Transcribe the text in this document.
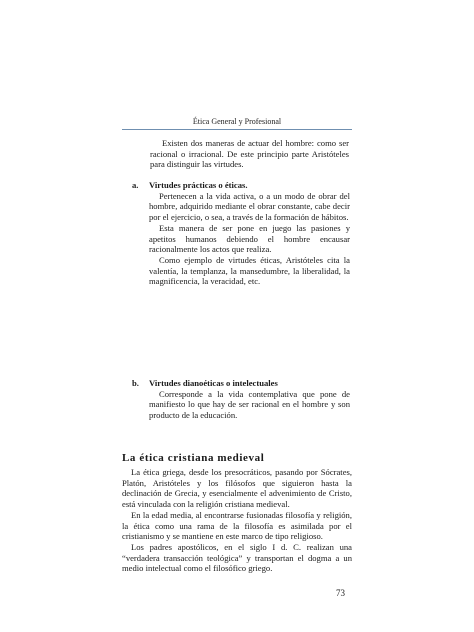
Ética General y Profesional
Existen dos maneras de actuar del hombre: como ser racional o irracional. De este principio parte Aristóteles para distinguir las virtudes.
a. Virtudes prácticas o éticas.
Pertenecen a la vida activa, o a un modo de obrar del hombre, adquirido mediante el obrar constante, cabe decir por el ejercicio, o sea, a través de la formación de hábitos.
Esta manera de ser pone en juego las pasiones y apetitos humanos debiendo el hombre encausar racionalmente los actos que realiza.
Como ejemplo de virtudes éticas, Aristóteles cita la valentía, la templanza, la mansedumbre, la liberalidad, la magnificencia, la veracidad, etc.
b. Virtudes dianoéticas o intelectuales
Corresponde a la vida contemplativa que pone de manifiesto lo que hay de ser racional en el hombre y son producto de la educación.
La ética cristiana medieval

La ética griega, desde los presocráticos, pasando por Sócrates, Platón, Aristóteles y los filósofos que siguieron hasta la declinación de Grecia, y esencialmente el advenimiento de Cristo, está vinculada con la religión cristiana medieval.

En la edad media, al encontrarse fusionadas filosofía y religión, la ética como una rama de la filosofía es asimilada por el cristianismo y se mantiene en este marco de tipo religioso.

Los padres apostólicos, en el siglo I d. C. realizan una “verdadera transacción teológica” y transportan el dogma a un medio intelectual como el filosófico griego.

73
